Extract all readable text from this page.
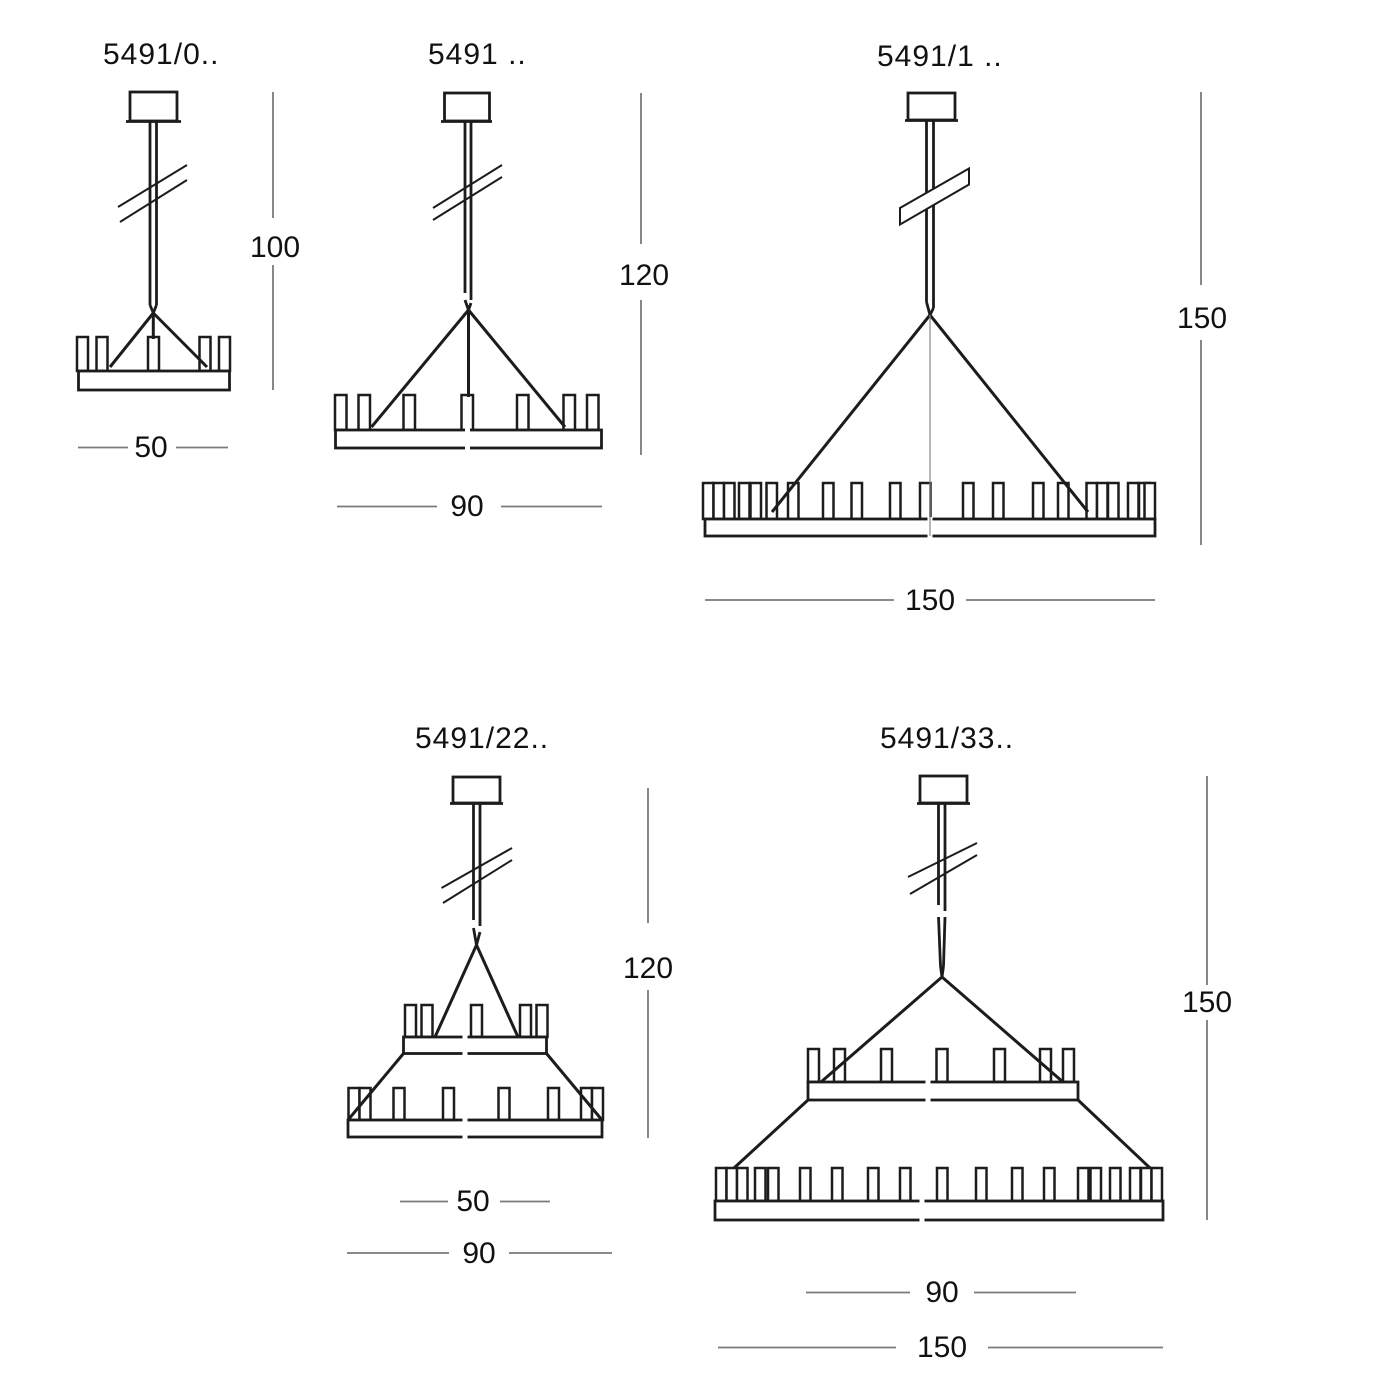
5491/0..
100
50
5491 ..
120
90
5491/1 ..
150
150
5491/22..
120
50
90
5491/33..
150
90
150
